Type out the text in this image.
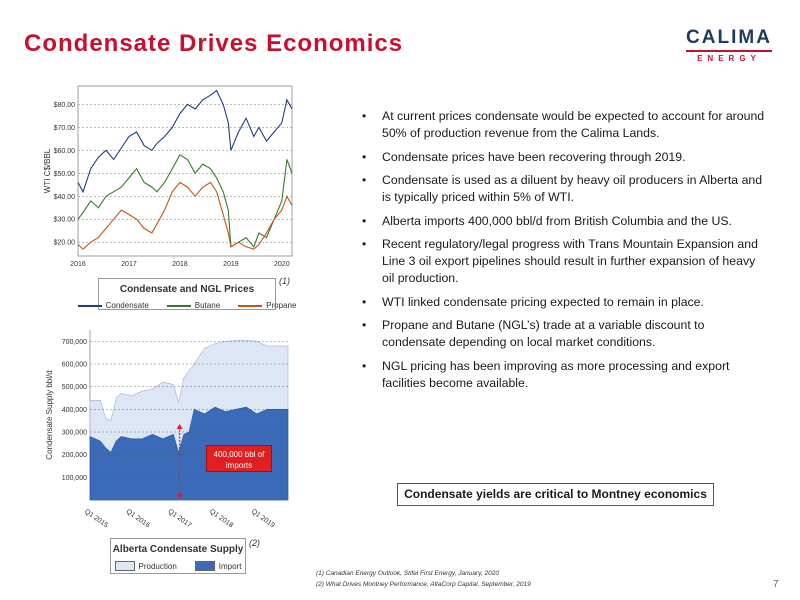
Condensate Drives Economics	CALIMA
ENERGY
$20.00
$30.00
$40.00
$50.00
$60.00
$70.00
$80.00
2016	2017	2018	2019	2020
WTI C$/BBL
Condensate and NGL Prices
Condensate	Butane	Propane
(1)
100,000
200,000
300,000
400,000
500,000
600,000
700,000
Q1 2015 Q1 2016 Q1 2017 Q1 2018 Q1 2019
Condensate Supply bbl/d	400,000 bbl of imports
Alberta Condensate Supply
Production	Import
(2)
• At current prices condensate would be expected to account for around 50% of production revenue from the Calima Lands.
• Condensate prices have been recovering through 2019.
• Condensate is used as a diluent by heavy oil producers in Alberta and is typically priced within 5% of WTI.
• Alberta imports 400,000 bbl/d from British Columbia and the US.
• Recent regulatory/legal progress with Trans Mountain Expansion and Line 3 oil export pipelines should result in further expansion of heavy oil production.
• WTI linked condensate pricing expected to remain in place.
• Propane and Butane (NGL’s) trade at a variable discount to condensate depending on local market conditions.
• NGL pricing has been improving as more processing and export facilities become available.
Condensate yields are critical to Montney economics
(1) Canadian Energy Outlook, Stifel First Energy, January, 2020
(2) What Drives Montney Performance, AltaCorp Capital, September, 2019	7
